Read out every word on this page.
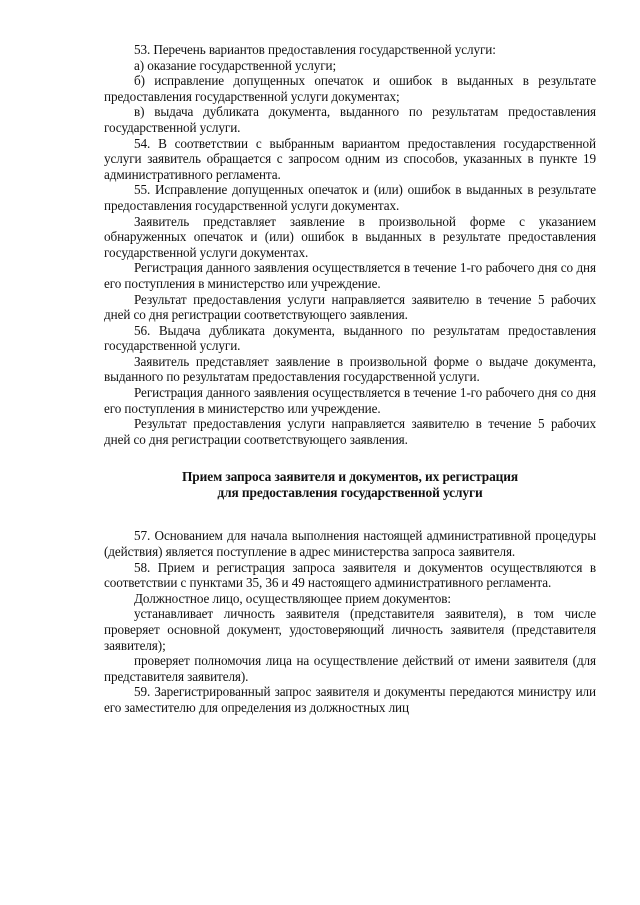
53. Перечень вариантов предоставления государственной услуги:

а) оказание государственной услуги;

б) исправление допущенных опечаток и ошибок в выданных в результате предоставления государственной услуги документах;

в) выдача дубликата документа, выданного по результатам предоставления государственной услуги.

54. В соответствии с выбранным вариантом предоставления государственной услуги заявитель обращается с запросом одним из способов, указанных в пункте 19 административного регламента.

55. Исправление допущенных опечаток и (или) ошибок в выданных в результате предоставления государственной услуги документах.

Заявитель представляет заявление в произвольной форме с указанием обнаруженных опечаток и (или) ошибок в выданных в результате предоставления государственной услуги документах.

Регистрация данного заявления осуществляется в течение 1-го рабочего дня со дня его поступления в министерство или учреждение.

Результат предоставления услуги направляется заявителю в течение 5 рабочих дней со дня регистрации соответствующего заявления.

56. Выдача дубликата документа, выданного по результатам предоставления государственной услуги.

Заявитель представляет заявление в произвольной форме о выдаче документа, выданного по результатам предоставления государственной услуги.

Регистрация данного заявления осуществляется в течение 1-го рабочего дня со дня его поступления в министерство или учреждение.

Результат предоставления услуги направляется заявителю в течение 5 рабочих дней со дня регистрации соответствующего заявления.

Прием запроса заявителя и документов, их регистрация
для предоставления государственной услуги

57. Основанием для начала выполнения настоящей административной процедуры (действия) является поступление в адрес министерства запроса заявителя.

58. Прием и регистрация запроса заявителя и документов осуществляются в соответствии с пунктами 35, 36 и 49 настоящего административного регламента.

Должностное лицо, осуществляющее прием документов:

устанавливает личность заявителя (представителя заявителя), в том числе проверяет основной документ, удостоверяющий личность заявителя (представителя заявителя);

проверяет полномочия лица на осуществление действий от имени заявителя (для представителя заявителя).

59. Зарегистрированный запрос заявителя и документы передаются министру или его заместителю для определения из должностных лиц
